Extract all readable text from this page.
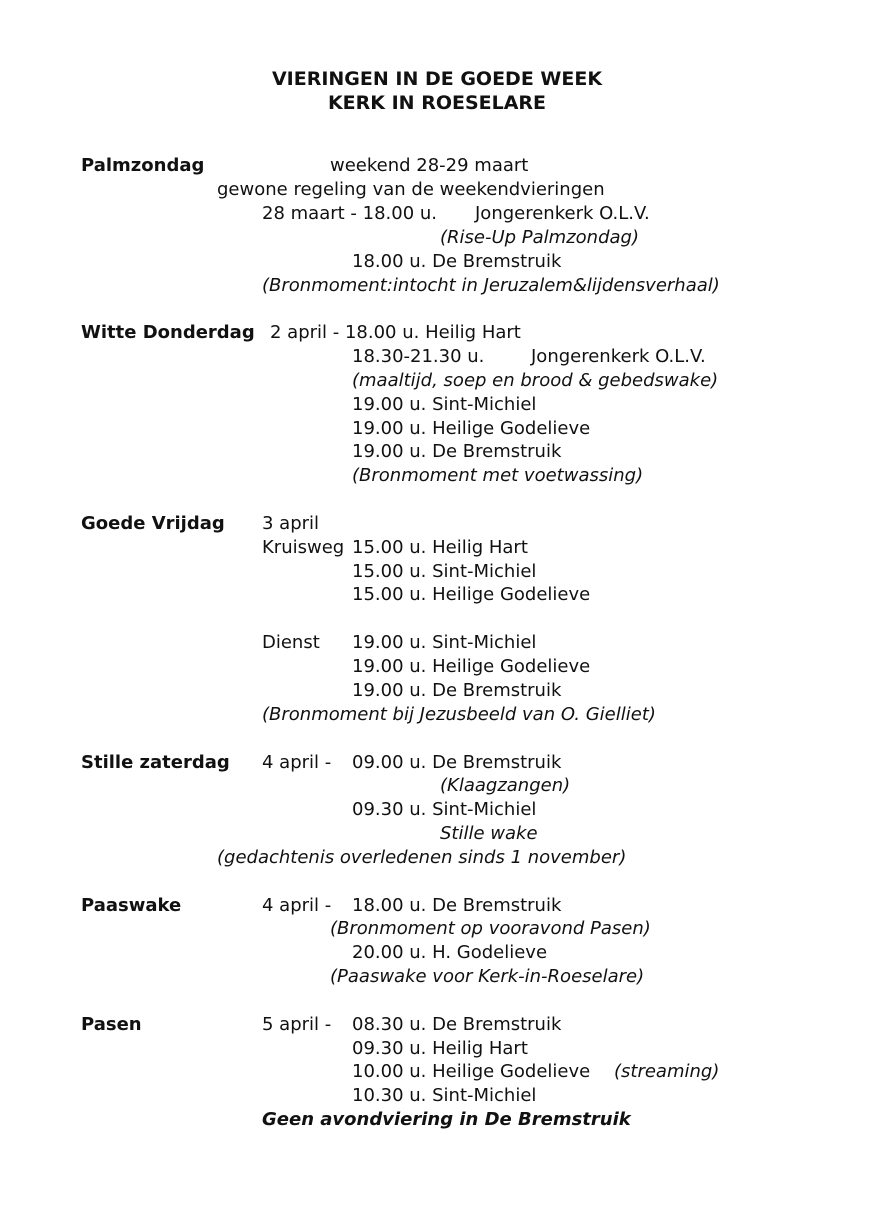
VIERINGEN IN DE GOEDE WEEK
KERK IN ROESELARE
Palmzondag	weekend 28-29 maart
gewone regeling van de weekendvieringen
28 maart - 18.00 u. Jongerenkerk O.L.V.
(Rise-Up Palmzondag)
18.00 u. De Bremstruik
(Bronmoment:intocht in Jeruzalem&lijdensverhaal)
Witte Donderdag 2 april - 18.00 u. Heilig Hart
18.30-21.30 u.	Jongerenkerk O.L.V.
(maaltijd, soep en brood & gebedswake)
19.00 u. Sint-Michiel
19.00 u. Heilige Godelieve
19.00 u. De Bremstruik
(Bronmoment met voetwassing)
Goede Vrijdag 3 april
Kruisweg 15.00 u. Heilig Hart
15.00 u. Sint-Michiel
15.00 u. Heilige Godelieve
Dienst 19.00 u. Sint-Michiel
19.00 u. Heilige Godelieve
19.00 u. De Bremstruik
(Bronmoment bij Jezusbeeld van O. Gielliet)
Stille zaterdag 4 april - 09.00 u. De Bremstruik
(Klaagzangen)
09.30 u. Sint-Michiel
Stille wake
(gedachtenis overledenen sinds 1 november)
Paaswake	4 april - 18.00 u. De Bremstruik
(Bronmoment op vooravond Pasen)
20.00 u. H. Godelieve
(Paaswake voor Kerk-in-Roeselare)
Pasen	5 april - 08.30 u. De Bremstruik
09.30 u. Heilig Hart
10.00 u. Heilige Godelieve (streaming)
10.30 u. Sint-Michiel
Geen avondviering in De Bremstruik
